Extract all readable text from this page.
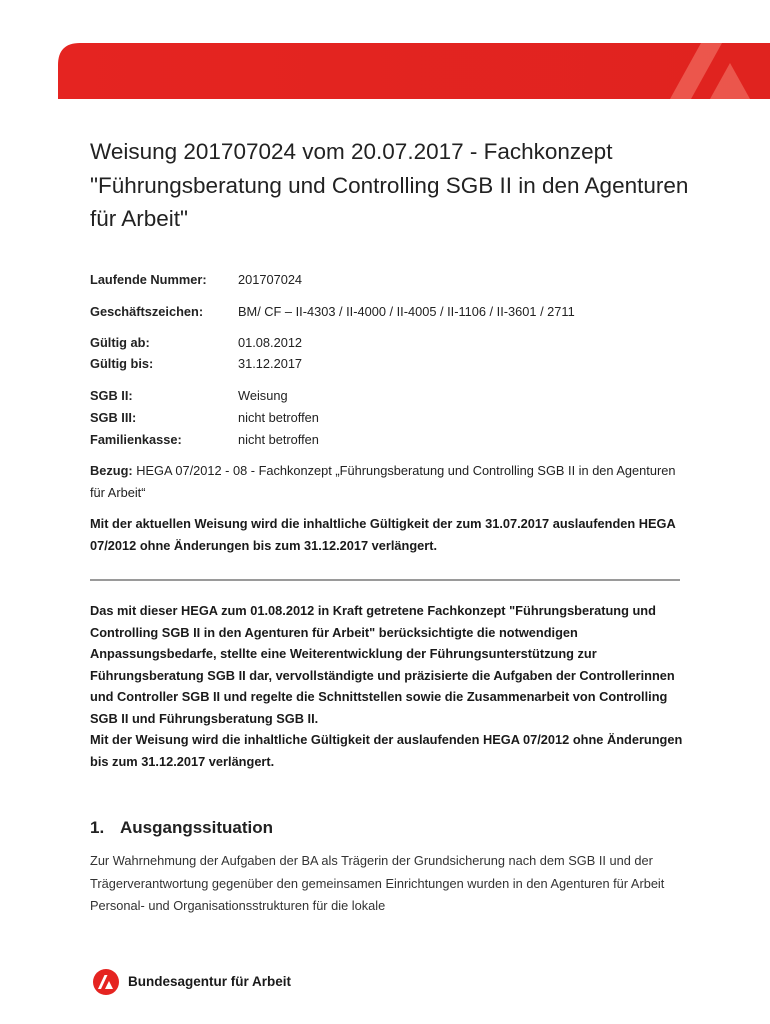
Weisung 201707024 vom 20.07.2017 - Fachkonzept "Führungsberatung und Controlling SGB II in den Agenturen für Arbeit"
Laufende Nummer:	201707024
Geschäftszeichen:	BM/ CF – II-4303 / II-4000 / II-4005 / II-1106 / II-3601 / 2711
Gültig ab:	01.08.2012
Gültig bis:	31.12.2017
SGB II:	Weisung
SGB III:	nicht betroffen
Familienkasse:	nicht betroffen
Bezug: HEGA 07/2012 - 08 - Fachkonzept „Führungsberatung und Controlling SGB II in den Agenturen für Arbeit“
Mit der aktuellen Weisung wird die inhaltliche Gültigkeit der zum 31.07.2017 auslaufenden HEGA 07/2012 ohne Änderungen bis zum 31.12.2017 verlängert.

Das mit dieser HEGA zum 01.08.2012 in Kraft getretene Fachkonzept "Führungsberatung und Controlling SGB II in den Agenturen für Arbeit" berücksichtigte die notwendigen Anpassungsbedarfe, stellte eine Weiterentwicklung der Führungsunterstützung zur Führungsberatung SGB II dar, vervollständigte und präzisierte die Aufgaben der Controllerinnen und Controller SGB II und regelte die Schnittstellen sowie die Zusammenarbeit von Controlling SGB II und Führungsberatung SGB II.

Mit der Weisung wird die inhaltliche Gültigkeit der auslaufenden HEGA 07/2012 ohne Änderungen bis zum 31.12.2017 verlängert.

1. Ausgangssituation
Zur Wahrnehmung der Aufgaben der BA als Trägerin der Grundsicherung nach dem SGB II und der Trägerverantwortung gegenüber den gemeinsamen Einrichtungen wurden in den Agenturen für Arbeit Personal- und Organisationsstrukturen für die lokale
Bundesagentur für Arbeit
